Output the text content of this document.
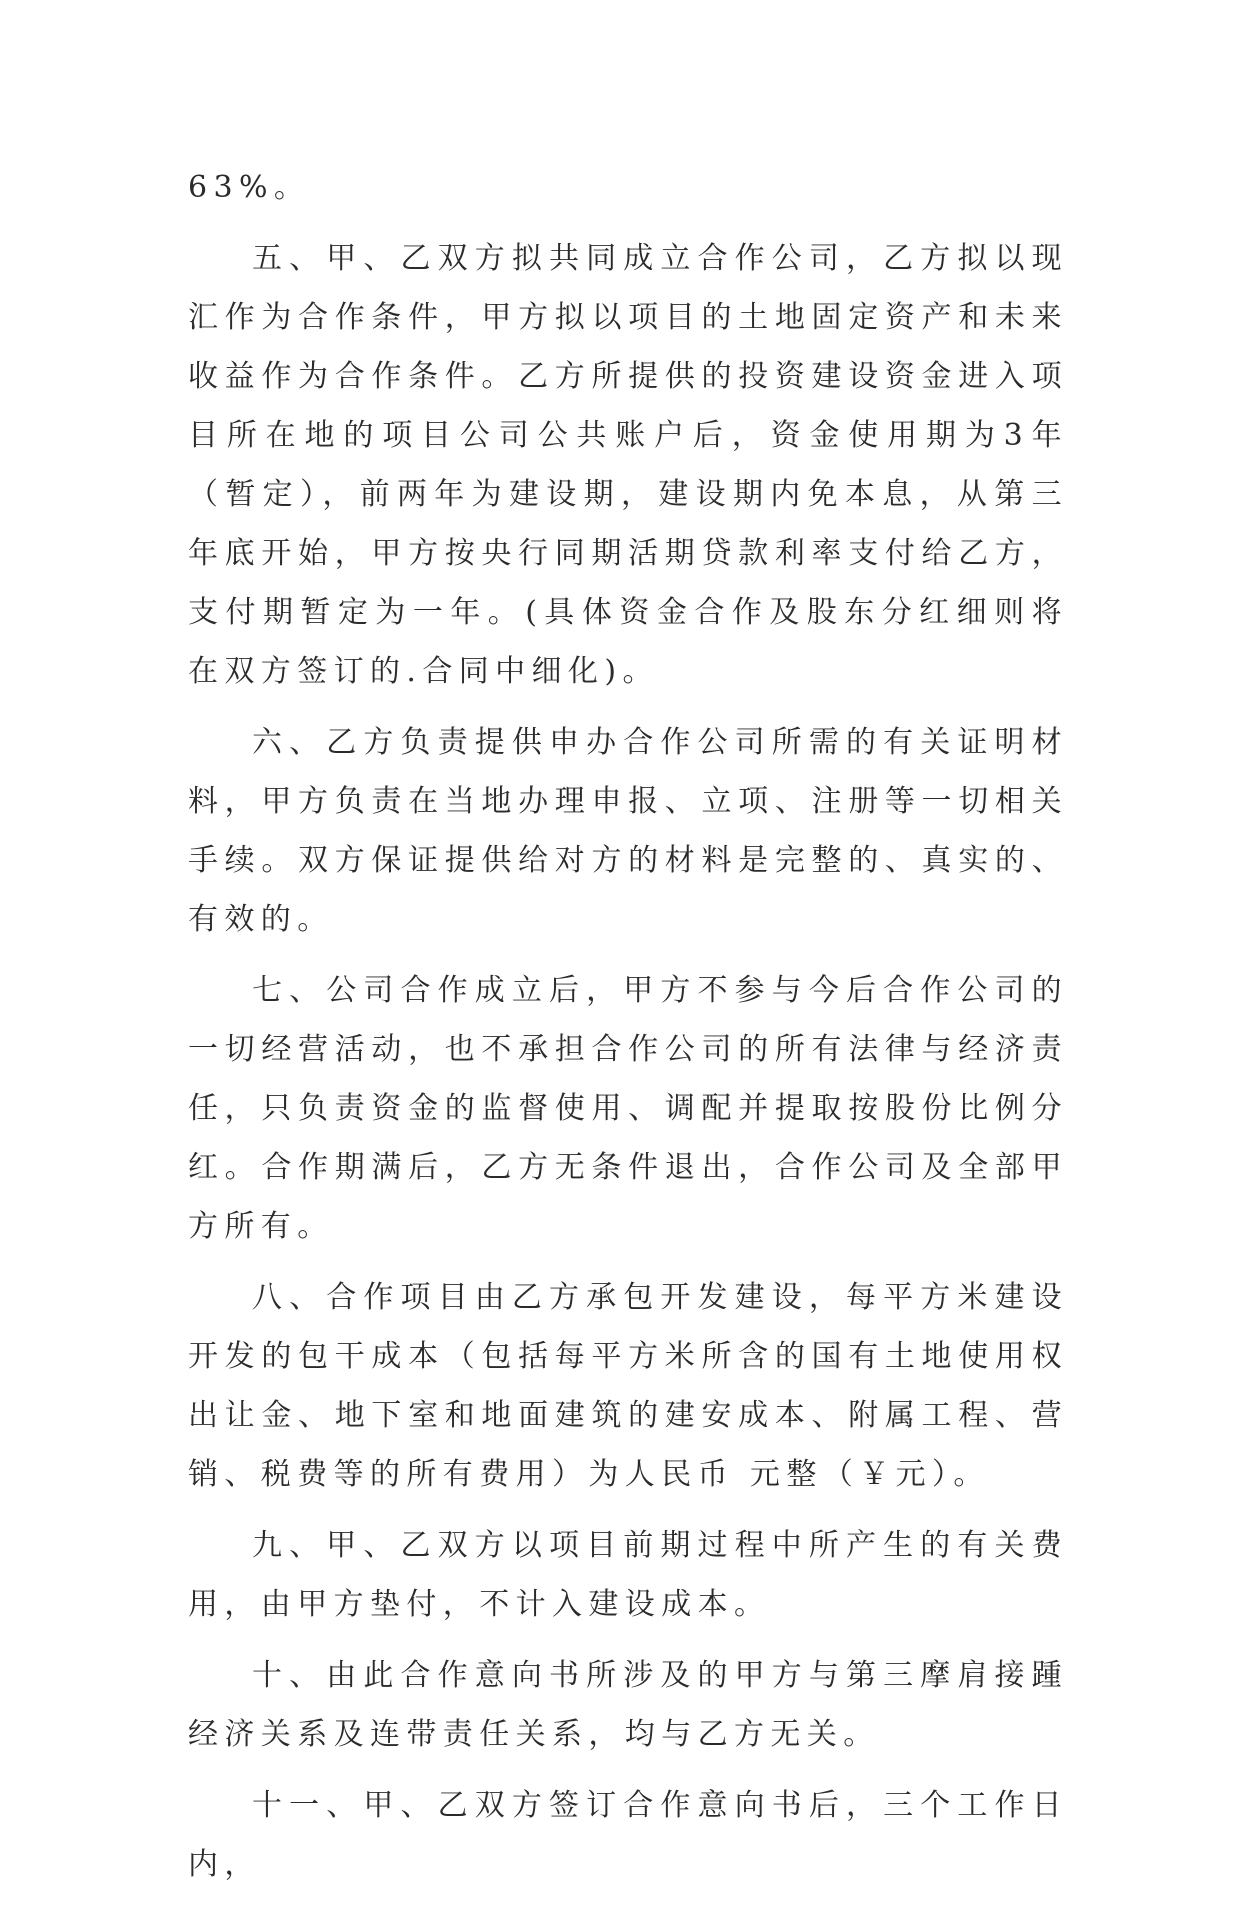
63%。

五、甲、乙双方拟共同成立合作公司，乙方拟以现汇作为合作条件，甲方拟以项目的土地固定资产和未来收益作为合作条件。乙方所提供的投资建设资金进入项目所在地的项目公司公共账户后，资金使用期为3年（暂定），前两年为建设期，建设期内免本息，从第三年底开始，甲方按央行同期活期贷款利率支付给乙方，支付期暂定为一年。(具体资金合作及股东分红细则将在双方签订的.合同中细化)。

六、乙方负责提供申办合作公司所需的有关证明材料，甲方负责在当地办理申报、立项、注册等一切相关手续。双方保证提供给对方的材料是完整的、真实的、有效的。

七、公司合作成立后，甲方不参与今后合作公司的一切经营活动，也不承担合作公司的所有法律与经济责任，只负责资金的监督使用、调配并提取按股份比例分红。合作期满后，乙方无条件退出，合作公司及全部甲方所有。

八、合作项目由乙方承包开发建设，每平方米建设开发的包干成本（包括每平方米所含的国有土地使用权出让金、地下室和地面建筑的建安成本、附属工程、营销、税费等的所有费用）为人民币 元整（￥元）。

九、甲、乙双方以项目前期过程中所产生的有关费用，由甲方垫付，不计入建设成本。

十、由此合作意向书所涉及的甲方与第三摩肩接踵经济关系及连带责任关系，均与乙方无关。

十一、甲、乙双方签订合作意向书后，三个工作日内，
